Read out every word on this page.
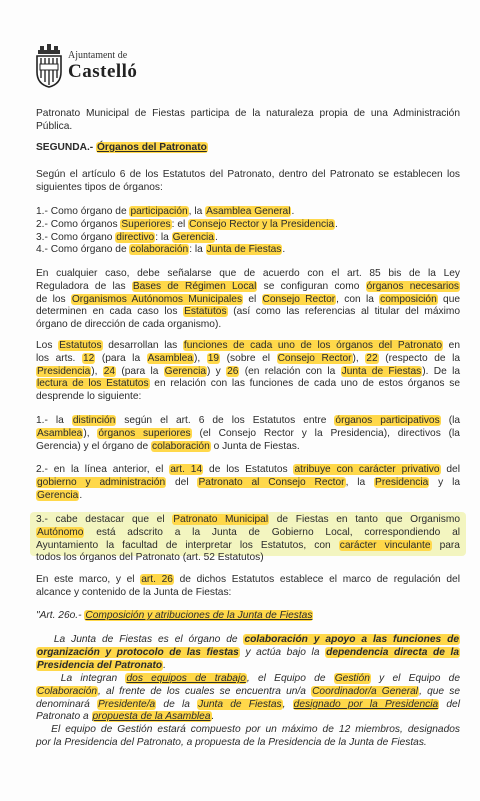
Ajuntament de
Castelló
Patronato Municipal de Fiestas participa de la naturaleza propia de una Administración Pública.
SEGUNDA.- Órganos del Patronato
Según el artículo 6 de los Estatutos del Patronato, dentro del Patronato se establecen los siguientes tipos de órganos:
1.- Como órgano de participación, la Asamblea General.
2.- Como órganos Superiores: el Consejo Rector y la Presidencia.
3.- Como órgano directivo: la Gerencia.
4.- Como órgano de colaboración: la Junta de Fiestas.
En cualquier caso, debe señalarse que de acuerdo con el art. 85 bis de la Ley
Reguladora de las Bases de Régimen Local se configuran como órganos necesarios
de los Organismos Autónomos Municipales el Consejo Rector, con la composición que
determinen en cada caso los Estatutos (así como las referencias al titular del máximo
órgano de dirección de cada organismo).
Los Estatutos desarrollan las funciones de cada uno de los órganos del Patronato en
los arts. 12 (para la Asamblea), 19 (sobre el Consejo Rector), 22 (respecto de la
Presidencia), 24 (para la Gerencia) y 26 (en relación con la Junta de Fiestas). De la
lectura de los Estatutos en relación con las funciones de cada uno de estos órganos se
desprende lo siguiente:
1.- la distinción según el art. 6 de los Estatutos entre órganos participativos (la
Asamblea), órganos superiores (el Consejo Rector y la Presidencia), directivos (la
Gerencia) y el órgano de colaboración o Junta de Fiestas.
2.- en la línea anterior, el art. 14 de los Estatutos atribuye con carácter privativo del
gobierno y administración del Patronato al Consejo Rector, la Presidencia y la
Gerencia.
3.- cabe destacar que el Patronato Municipal de Fiestas en tanto que Organismo
Autónomo está adscrito a la Junta de Gobierno Local, correspondiendo al
Ayuntamiento la facultad de interpretar los Estatutos, con carácter vinculante para
todos los órganos del Patronato (art. 52 Estatutos)
En este marco, y el art. 26 de dichos Estatutos establece el marco de regulación del
alcance y contenido de la Junta de Fiestas:
"Art. 26o.- Composición y atribuciones de la Junta de Fiestas
La Junta de Fiestas es el órgano de colaboración y apoyo a las funciones de
organización y protocolo de las fiestas y actúa bajo la dependencia directa de la
Presidencia del Patronato.
La integran dos equipos de trabajo, el Equipo de Gestión y el Equipo de
Colaboración, al frente de los cuales se encuentra un/a Coordinador/a General, que se
denominará Presidente/a de la Junta de Fiestas, designado por la Presidencia del
Patronato a propuesta de la Asamblea.
El equipo de Gestión estará compuesto por un máximo de 12 miembros, designados
por la Presidencia del Patronato, a propuesta de la Presidencia de la Junta de Fiestas.
